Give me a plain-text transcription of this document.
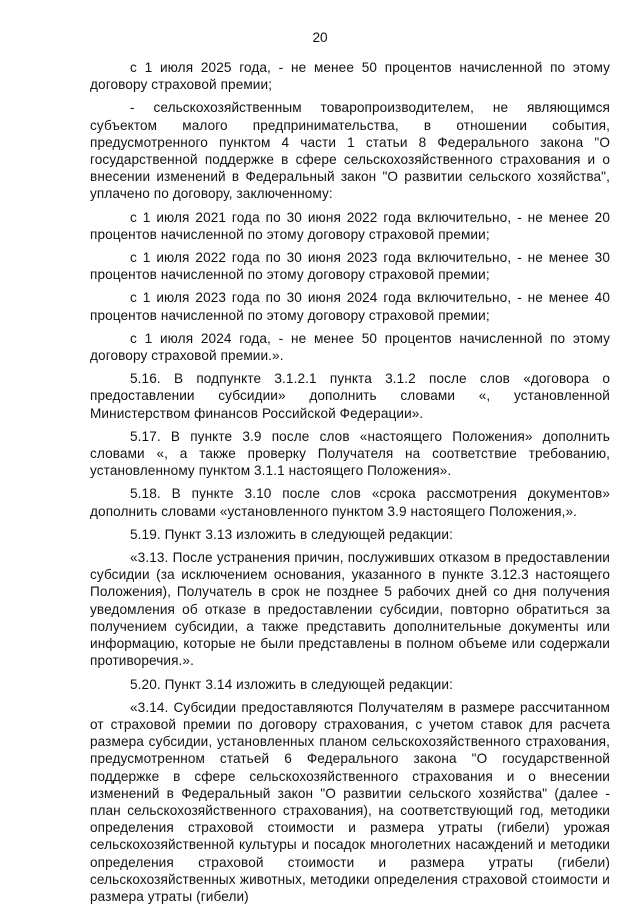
20

с 1 июля 2025 года, - не менее 50 процентов начисленной по этому договору страховой премии;

- сельскохозяйственным товаропроизводителем, не являющимся субъектом малого предпринимательства, в отношении события, предусмотренного пунктом 4 части 1 статьи 8 Федерального закона "О государственной поддержке в сфере сельскохозяйственного страхования и о внесении изменений в Федеральный закон "О развитии сельского хозяйства", уплачено по договору, заключенному:

с 1 июля 2021 года по 30 июня 2022 года включительно, - не менее 20 процентов начисленной по этому договору страховой премии;

с 1 июля 2022 года по 30 июня 2023 года включительно, - не менее 30 процентов начисленной по этому договору страховой премии;

с 1 июля 2023 года по 30 июня 2024 года включительно, - не менее 40 процентов начисленной по этому договору страховой премии;

с 1 июля 2024 года, - не менее 50 процентов начисленной по этому договору страховой премии.».

5.16. В подпункте 3.1.2.1 пункта 3.1.2 после слов «договора о предоставлении субсидии» дополнить словами «, установленной Министерством финансов Российской Федерации».

5.17. В пункте 3.9 после слов «настоящего Положения» дополнить словами «, а также проверку Получателя на соответствие требованию, установленному пунктом 3.1.1 настоящего Положения».

5.18. В пункте 3.10 после слов «срока рассмотрения документов» дополнить словами «установленного пунктом 3.9 настоящего Положения,».

5.19. Пункт 3.13 изложить в следующей редакции:

«3.13. После устранения причин, послуживших отказом в предоставлении субсидии (за исключением основания, указанного в пункте 3.12.3 настоящего Положения), Получатель в срок не позднее 5 рабочих дней со дня получения уведомления об отказе в предоставлении субсидии, повторно обратиться за получением субсидии, а также представить дополнительные документы или информацию, которые не были представлены в полном объеме или содержали противоречия.».

5.20. Пункт 3.14 изложить в следующей редакции:

«3.14. Субсидии предоставляются Получателям в размере рассчитанном от страховой премии по договору страхования, с учетом ставок для расчета размера субсидии, установленных планом сельскохозяйственного страхования, предусмотренном статьей 6 Федерального закона "О государственной поддержке в сфере сельскохозяйственного страхования и о внесении изменений в Федеральный закон "О развитии сельского хозяйства" (далее - план сельскохозяйственного страхования), на соответствующий год, методики определения страховой стоимости и размера утраты (гибели) урожая сельскохозяйственной культуры и посадок многолетних насаждений и методики определения страховой стоимости и размера утраты (гибели) сельскохозяйственных животных, методики определения страховой стоимости и размера утраты (гибели)
